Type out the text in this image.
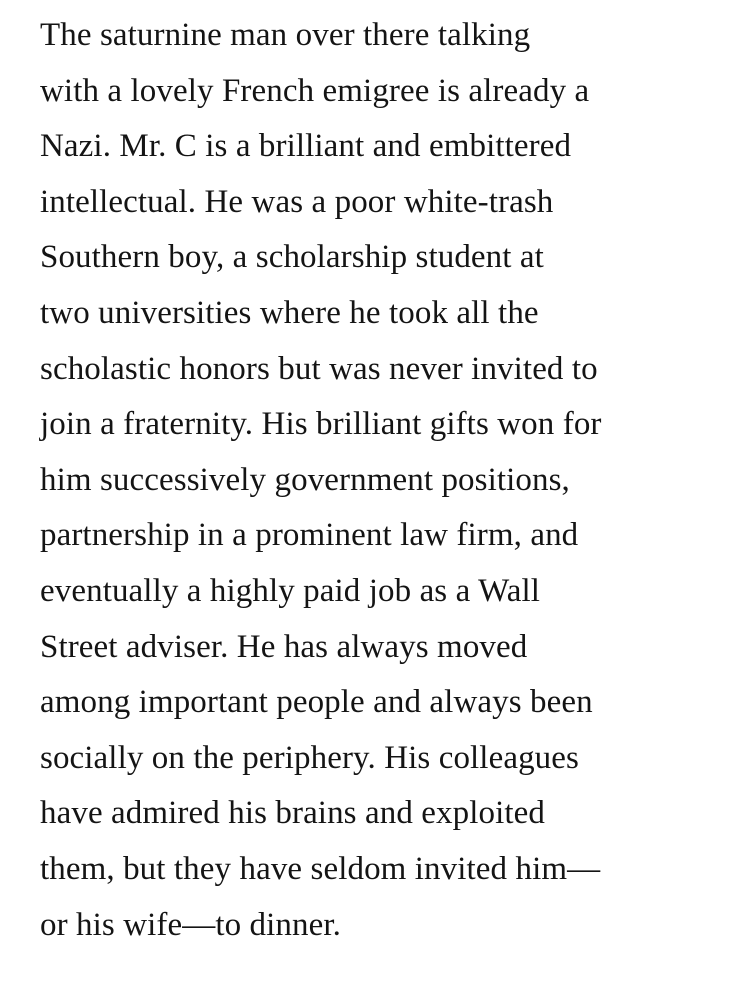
The saturnine man over there talking
with a lovely French emigree is already a
Nazi. Mr. C is a brilliant and embittered
intellectual. He was a poor white-trash
Southern boy, a scholarship student at
two universities where he took all the
scholastic honors but was never invited to
join a fraternity. His brilliant gifts won for
him successively government positions,
partnership in a prominent law firm, and
eventually a highly paid job as a Wall
Street adviser. He has always moved
among important people and always been
socially on the periphery. His colleagues
have admired his brains and exploited
them, but they have seldom invited him—
or his wife—to dinner.
